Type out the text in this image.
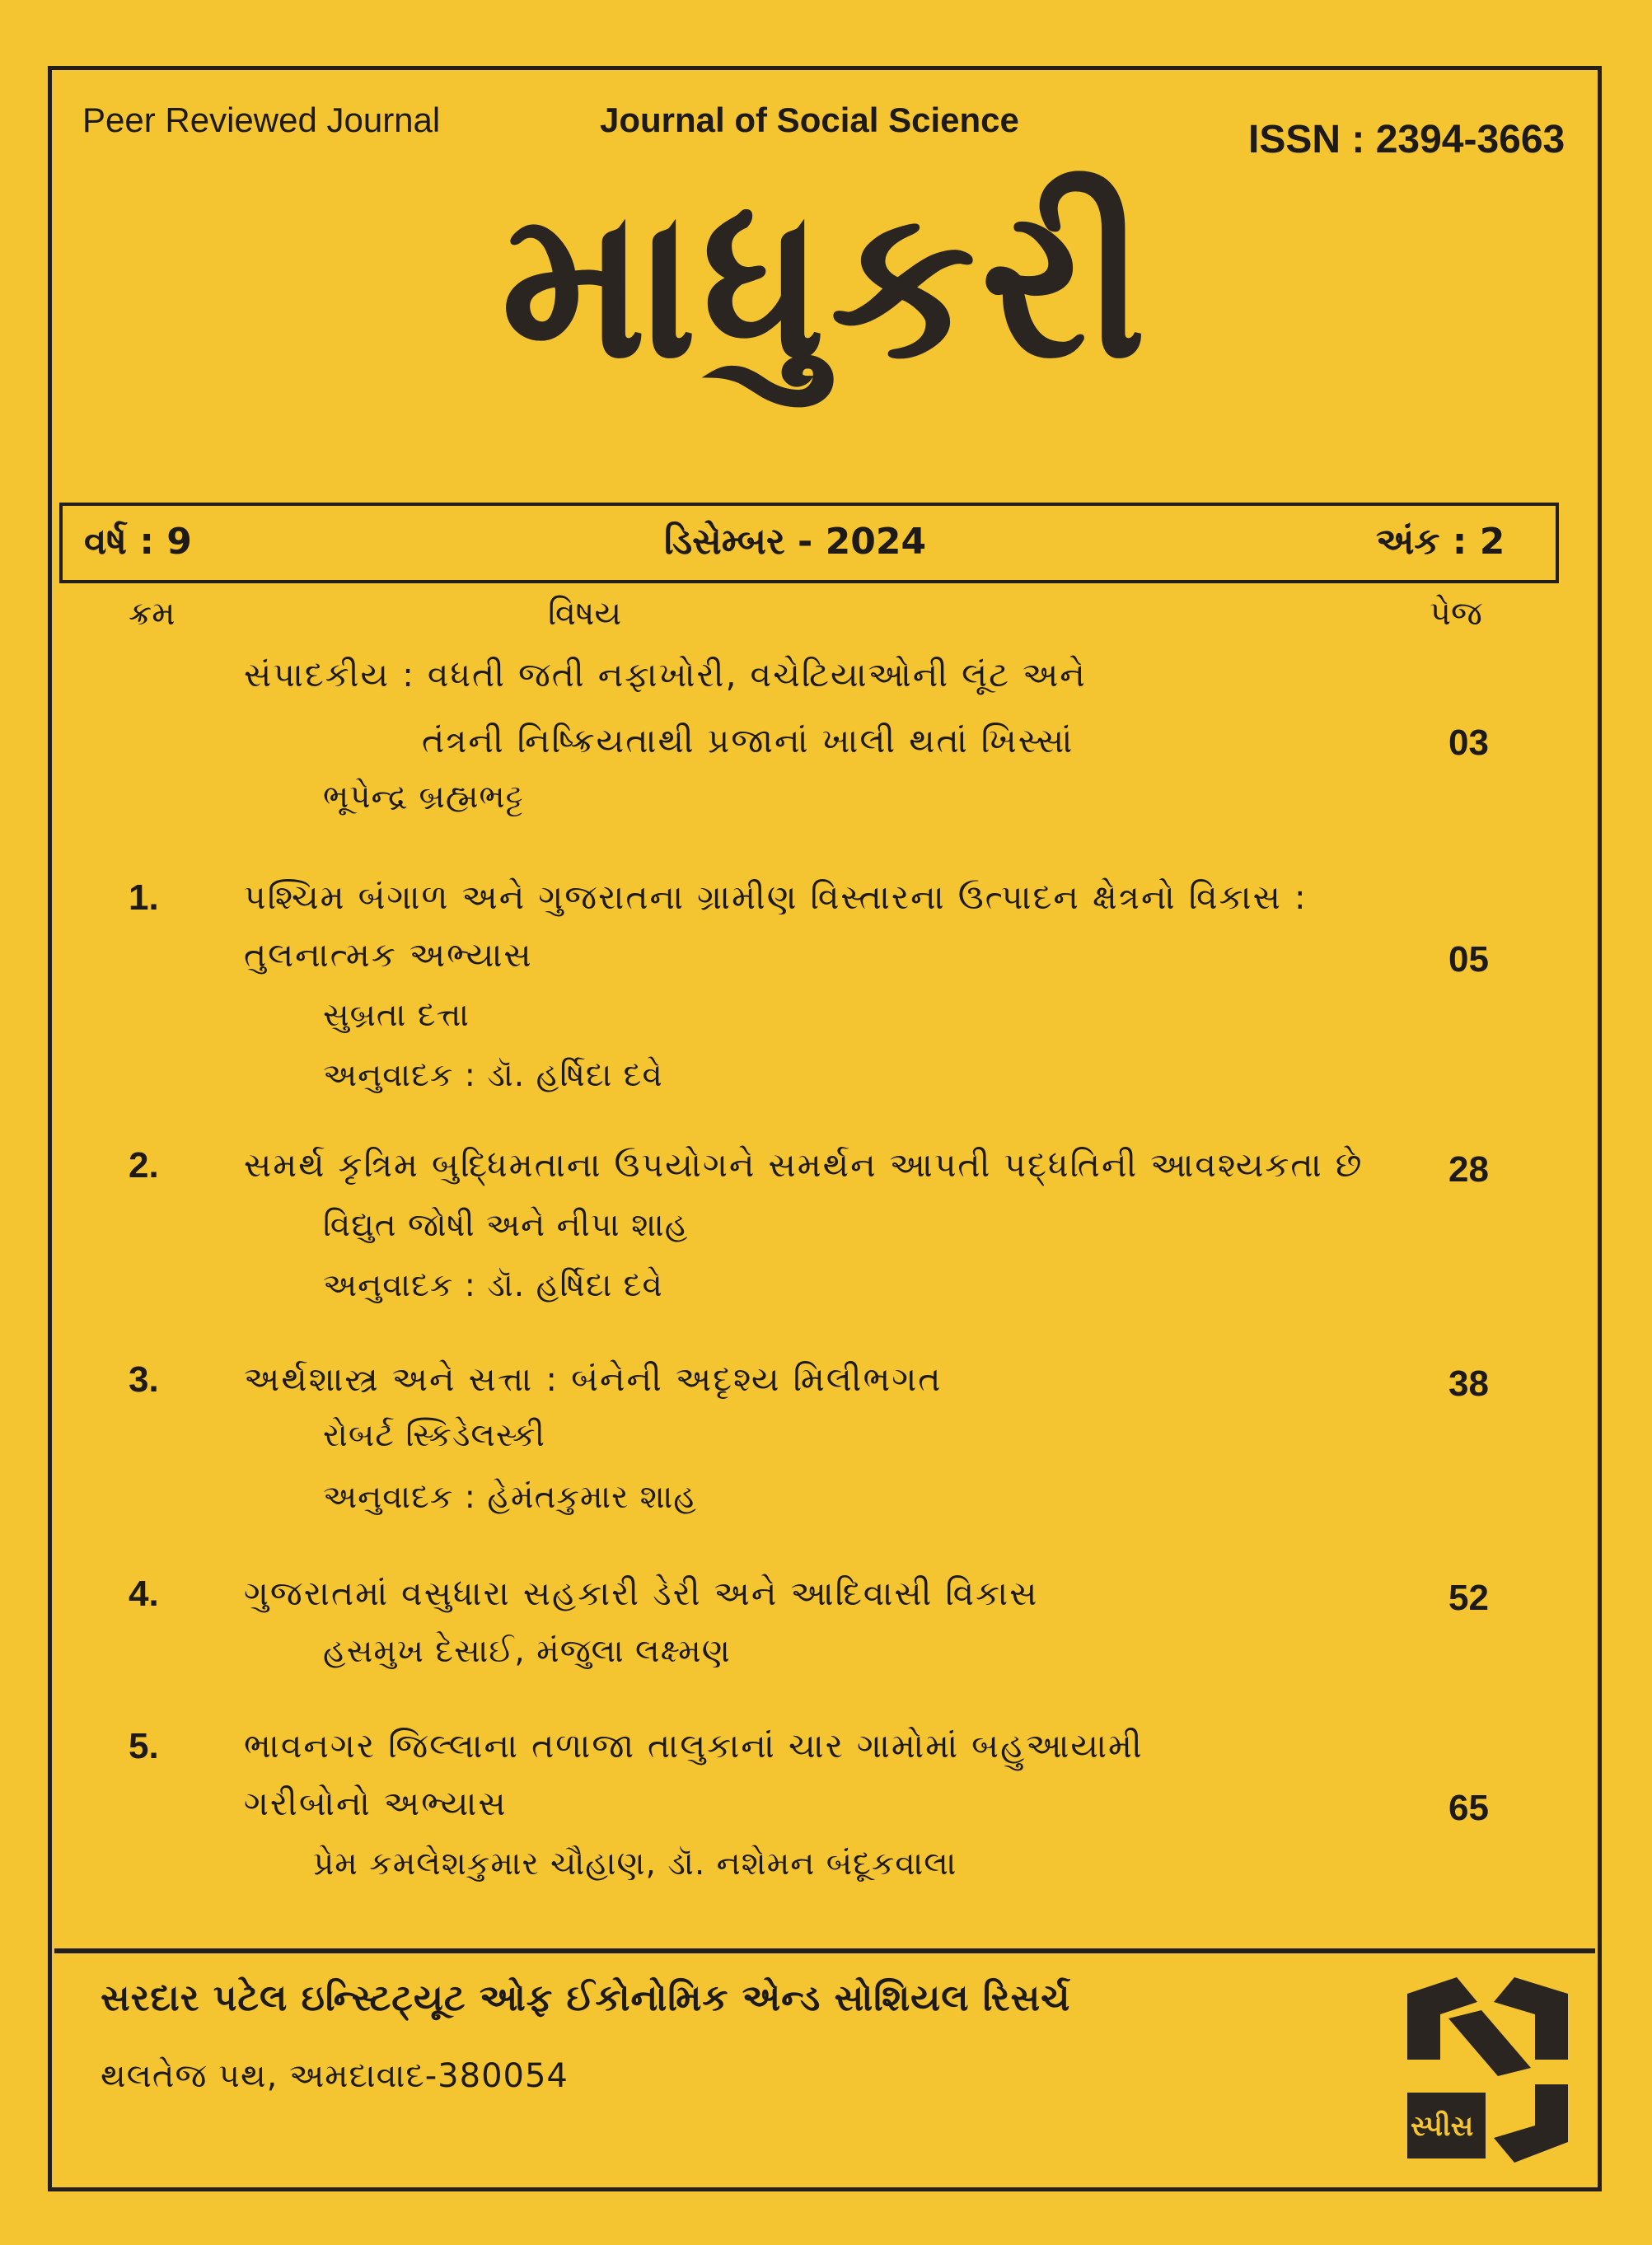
Peer Reviewed Journal	Journal of Social Science	ISSN : 2394-3663
માધુકરી
વર્ષ : 9	ડિસેમ્બર - 2024	અંક : 2
ક્રમ	વિષય	પેજ
સંપાદકીય : વધતી જતી નફાખોરી, વચેટિયાઓની લૂંટ અને
તંત્રની નિષ્ક્રિયતાથી પ્રજાનાં ખાલી થતાં ખિસ્સાં	03
ભૂપેન્દ્ર બ્રહ્મભટ્ટ
1.	પશ્ચિમ બંગાળ અને ગુજરાતના ગ્રામીણ વિસ્તારના ઉત્પાદન ક્ષેત્રનો વિકાસ :
તુલનાત્મક અભ્યાસ	05
સુબ્રતા દત્તા
અનુવાદક : ડૉ. હર્ષિદા દવે
2.	સમર્થ કૃત્રિમ બુદ્ધિમતાના ઉપયોગને સમર્થન આપતી પદ્ધતિની આવશ્યકતા છે 28
વિદ્યુત જોષી અને નીપા શાહ
અનુવાદક : ડૉ. હર્ષિદા દવે
3.	અર્થશાસ્ત્ર અને સત્તા : બંનેની અદૃશ્ય મિલીભગત	38
રોબર્ટ સ્કિડેલસ્કી
અનુવાદક : હેમંતકુમાર શાહ
4.	ગુજરાતમાં વસુધારા સહકારી ડેરી અને આદિવાસી વિકાસ	52
હસમુખ દેસાઈ, મંજુલા લક્ષ્મણ
5.	ભાવનગર જિલ્લાના તળાજા તાલુકાનાં ચાર ગામોમાં બહુઆયામી
ગરીબોનો અભ્યાસ	65
પ્રેમ કમલેશકુમાર ચૌહાણ, ડૉ. નશેમન બંદૂકવાલા
સરદાર પટેલ ઇન્સ્ટિટ્યૂટ ઓફ ઈકોનોમિક એન્ડ સોશિયલ રિસર્ચ
થલતેજ પથ, અમદાવાદ-380054
સ્પીસ
